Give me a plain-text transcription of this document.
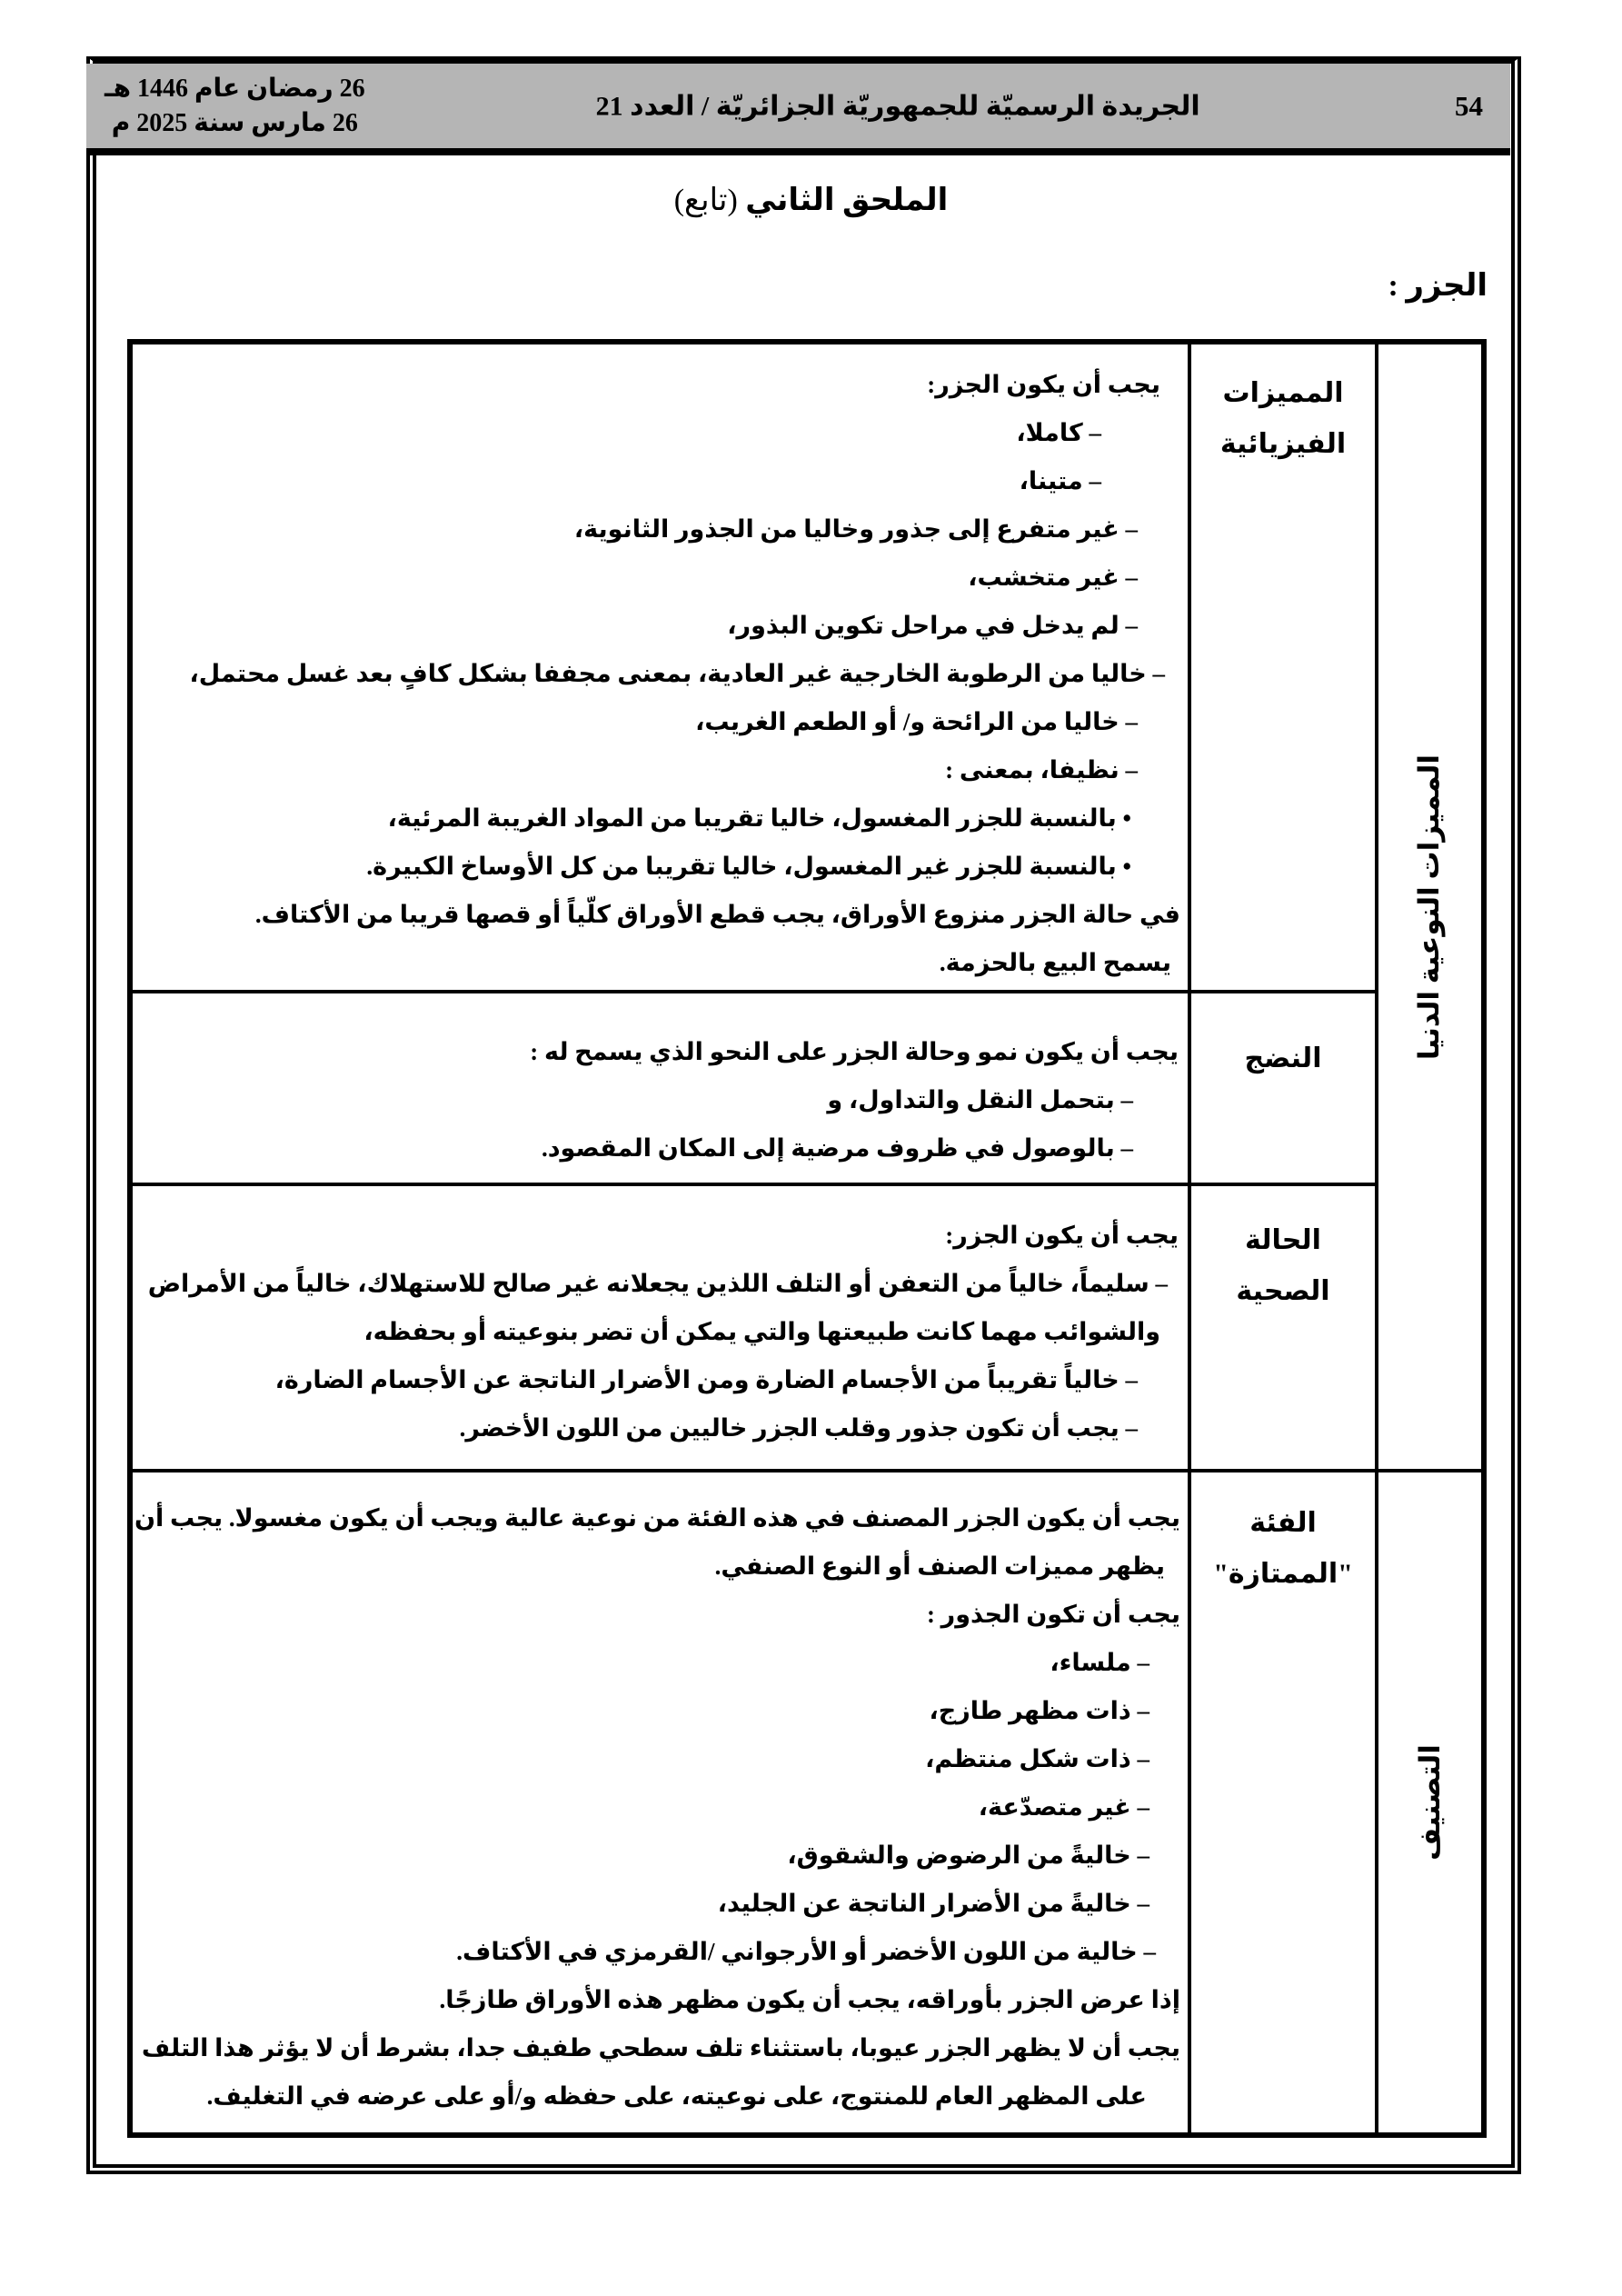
26 رمضان عام 1446 هـ
26 مارس سنة 2025 م
الجريدة الرسميّة للجمهوريّة الجزائريّة / العدد 21	54
الملحق الثاني (تابع)
الجزر :
يجب أن يكون الجزر:
– كاملا،
– متينا،
– غير متفرع إلى جذور وخاليا من الجذور الثانوية،
– غير متخشب،
– لم يدخل في مراحل تكوين البذور،
– خاليا من الرطوبة الخارجية غير العادية، بمعنى مجففا بشكل كافٍ بعد غسل محتمل،
– خاليا من الرائحة و/ أو الطعم الغريب،
– نظيفا، بمعنى :
• بالنسبة للجزر المغسول، خاليا تقريبا من المواد الغريبة المرئية،
• بالنسبة للجزر غير المغسول، خاليا تقريبا من كل الأوساخ الكبيرة.
في حالة الجزر منزوع الأوراق، يجب قطع الأوراق كلّياً أو قصها قريبا من الأكتاف.
يسمح البيع بالحزمة.
المميزات
الفيزيائية
المميزات النوعية الدنيا
يجب أن يكون نمو وحالة الجزر على النحو الذي يسمح له :
– بتحمل النقل والتداول، و
– بالوصول في ظروف مرضية إلى المكان المقصود.
النضج
يجب أن يكون الجزر:
– سليماً، خالياً من التعفن أو التلف اللذين يجعلانه غير صالح للاستهلاك، خالياً من الأمراض
والشوائب مهما كانت طبيعتها والتي يمكن أن تضر بنوعيته أو بحفظه،
– خالياً تقريباً من الأجسام الضارة ومن الأضرار الناتجة عن الأجسام الضارة،
– يجب أن تكون جذور وقلب الجزر خاليين من اللون الأخضر.
الحالة
الصحية
يجب أن يكون الجزر المصنف في هذه الفئة من نوعية عالية ويجب أن يكون مغسولا. يجب أن
يظهر مميزات الصنف أو النوع الصنفي.
يجب أن تكون الجذور :
– ملساء،
– ذات مظهر طازج،
– ذات شكل منتظم،
– غير متصدّعة،
– خاليةً من الرضوض والشقوق،
– خاليةً من الأضرار الناتجة عن الجليد،
– خالية من اللون الأخضر أو الأرجواني /القرمزي في الأكتاف.
إذا عرض الجزر بأوراقه، يجب أن يكون مظهر هذه الأوراق طازجًا.
يجب أن لا يظهر الجزر عيوبا، باستثناء تلف سطحي طفيف جدا، بشرط أن لا يؤثر هذا التلف
على المظهر العام للمنتوج، على نوعيته، على حفظه و/أو على عرضه في التغليف.
الفئة
"الممتازة"
التصنيف
